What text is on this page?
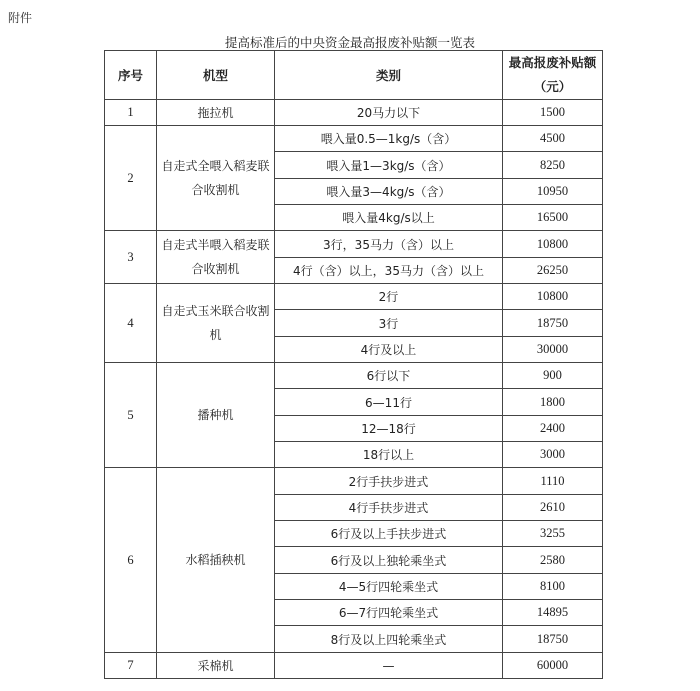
附件
提高标准后的中央资金最高报废补贴额一览表
序号	机型	类别	最高报废补贴额（元）
1	拖拉机	20马力以下	1500
2	自走式全喂入稻麦联合收割机	喂入量0.5—1kg/s（含）	4500
		喂入量1—3kg/s（含）	8250
		喂入量3—4kg/s（含）	10950
		喂入量4kg/s以上	16500
3	自走式半喂入稻麦联合收割机	3行，35马力（含）以上	10800
		4行（含）以上，35马力（含）以上	26250
4	自走式玉米联合收割机	2行	10800
		3行	18750
		4行及以上	30000
5	播种机	6行以下	900
		6—11行	1800
		12—18行	2400
		18行以上	3000
6	水稻插秧机	2行手扶步进式	1110
		4行手扶步进式	2610
		6行及以上手扶步进式	3255
		6行及以上独轮乘坐式	2580
		4—5行四轮乘坐式	8100
		6—7行四轮乘坐式	14895
		8行及以上四轮乘坐式	18750
7	采棉机	—	60000
